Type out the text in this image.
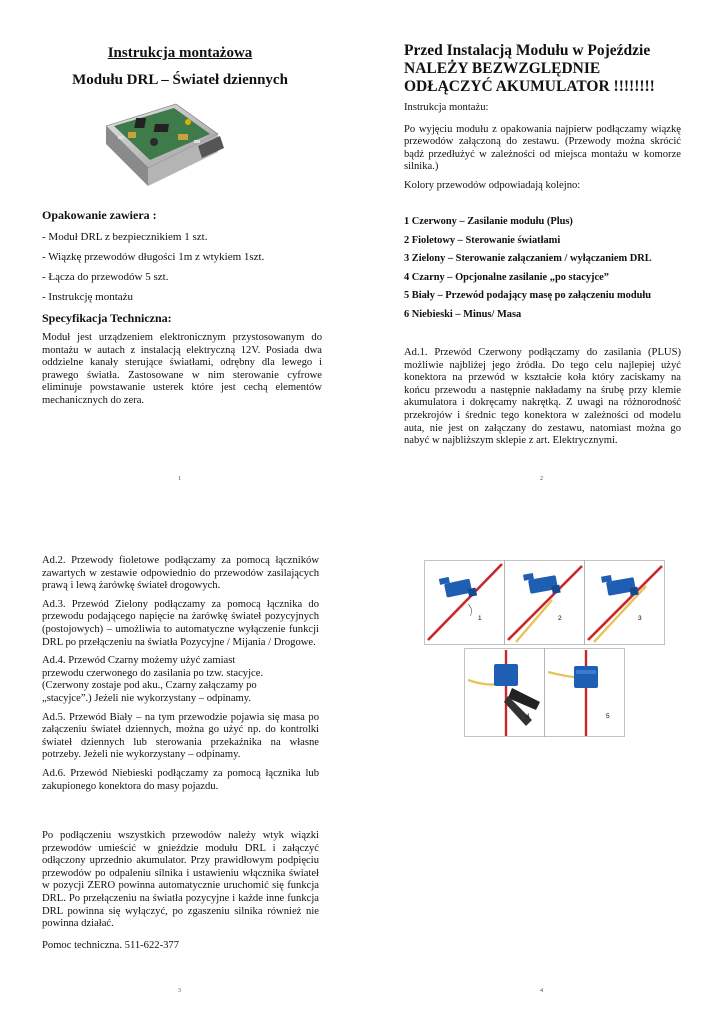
Instrukcja montażowa
Modułu DRL – Świateł dziennych
Opakowanie zawiera :
- Moduł DRL z bezpiecznikiem 1 szt.
- Wiązkę przewodów długości 1m z wtykiem 1szt.
- Łącza do przewodów 5 szt.
- Instrukcję montażu
Specyfikacja Techniczna:

Moduł jest urządzeniem elektronicznym przystosowanym do montażu w autach z instalacją elektryczną 12V. Posiada dwa oddzielne kanały sterujące światłami, odrębny dla lewego i prawego światła. Zastosowane w nim sterowanie cyfrowe eliminuje powstawanie usterek które jest cechą elementów mechanicznych do zera.

1
Przed Instalacją Modułu w Pojeździe
NALEŻY BEZWZGLĘDNIE
ODŁĄCZYĆ AKUMULATOR !!!!!!!!

Instrukcja montażu:

Po wyjęciu modułu z opakowania najpierw podłączamy wiązkę przewodów załączoną do zestawu. (Przewody można skrócić bądź przedłużyć w zależności od miejsca montażu w komorze silnika.)

Kolory przewodów odpowiadają kolejno:

1 Czerwony – Zasilanie modułu (Plus)
2 Fioletowy – Sterowanie światłami
3 Zielony – Sterowanie załączaniem / wyłączaniem DRL
4 Czarny – Opcjonalne zasilanie „po stacyjce”
5 Biały – Przewód podający masę po załączeniu modułu
6 Niebieski – Minus/ Masa

Ad.1. Przewód Czerwony podłączamy do zasilania (PLUS) możliwie najbliżej jego źródła. Do tego celu najlepiej użyć konektora na przewód w kształcie koła który zaciskamy na końcu przewodu a następnie nakładamy na śrubę przy klemie akumulatora i dokręcamy nakrętką. Z uwagi na różnorodność przekrojów i średnic tego konektora w zależności od modelu auta, nie jest on załączany do zestawu, natomiast można go nabyć w najbliższym sklepie z art. Elektrycznymi.

2

Ad.2. Przewody fioletowe podłączamy za pomocą łączników zawartych w zestawie odpowiednio do przewodów zasilających prawą i lewą żarówkę świateł drogowych.

Ad.3. Przewód Zielony podłączamy za pomocą łącznika do przewodu podającego napięcie na żarówkę świateł pozycyjnych (postojowych) – umożliwia to automatyczne wyłączenie funkcji DRL po przełączeniu na światła Pozycyjne / Mijania / Drogowe.

Ad.4. Przewód Czarny możemy użyć zamiast
przewodu czerwonego do zasilania po tzw. stacyjce.
(Czerwony zostaje pod aku., Czarny załączamy po
„stacyjce”.) Jeżeli nie wykorzystany – odpinamy.

Ad.5. Przewód Biały – na tym przewodzie pojawia się masa po załączeniu świateł dziennych, można go użyć np. do kontrolki świateł dziennych lub sterowania przekaźnika na własne potrzeby. Jeżeli nie wykorzystany – odpinamy.

Ad.6. Przewód Niebieski podłączamy za pomocą łącznika lub zakupionego konektora do masy pojazdu.

Po podłączeniu wszystkich przewodów należy wtyk wiązki przewodów umieścić w gnieździe modułu DRL i załączyć odłączony uprzednio akumulator. Przy prawidłowym podpięciu przewodów po odpaleniu silnika i ustawieniu włącznika świateł w pozycji ZERO powinna automatycznie uruchomić się funkcja DRL. Po przełączeniu na światła pozycyjne i każde inne funkcja DRL powinna się wyłączyć, po zgaszeniu silnika również nie powinna działać.

Pomoc techniczna. 511-622-377

3
1	2	3
4	5
4
